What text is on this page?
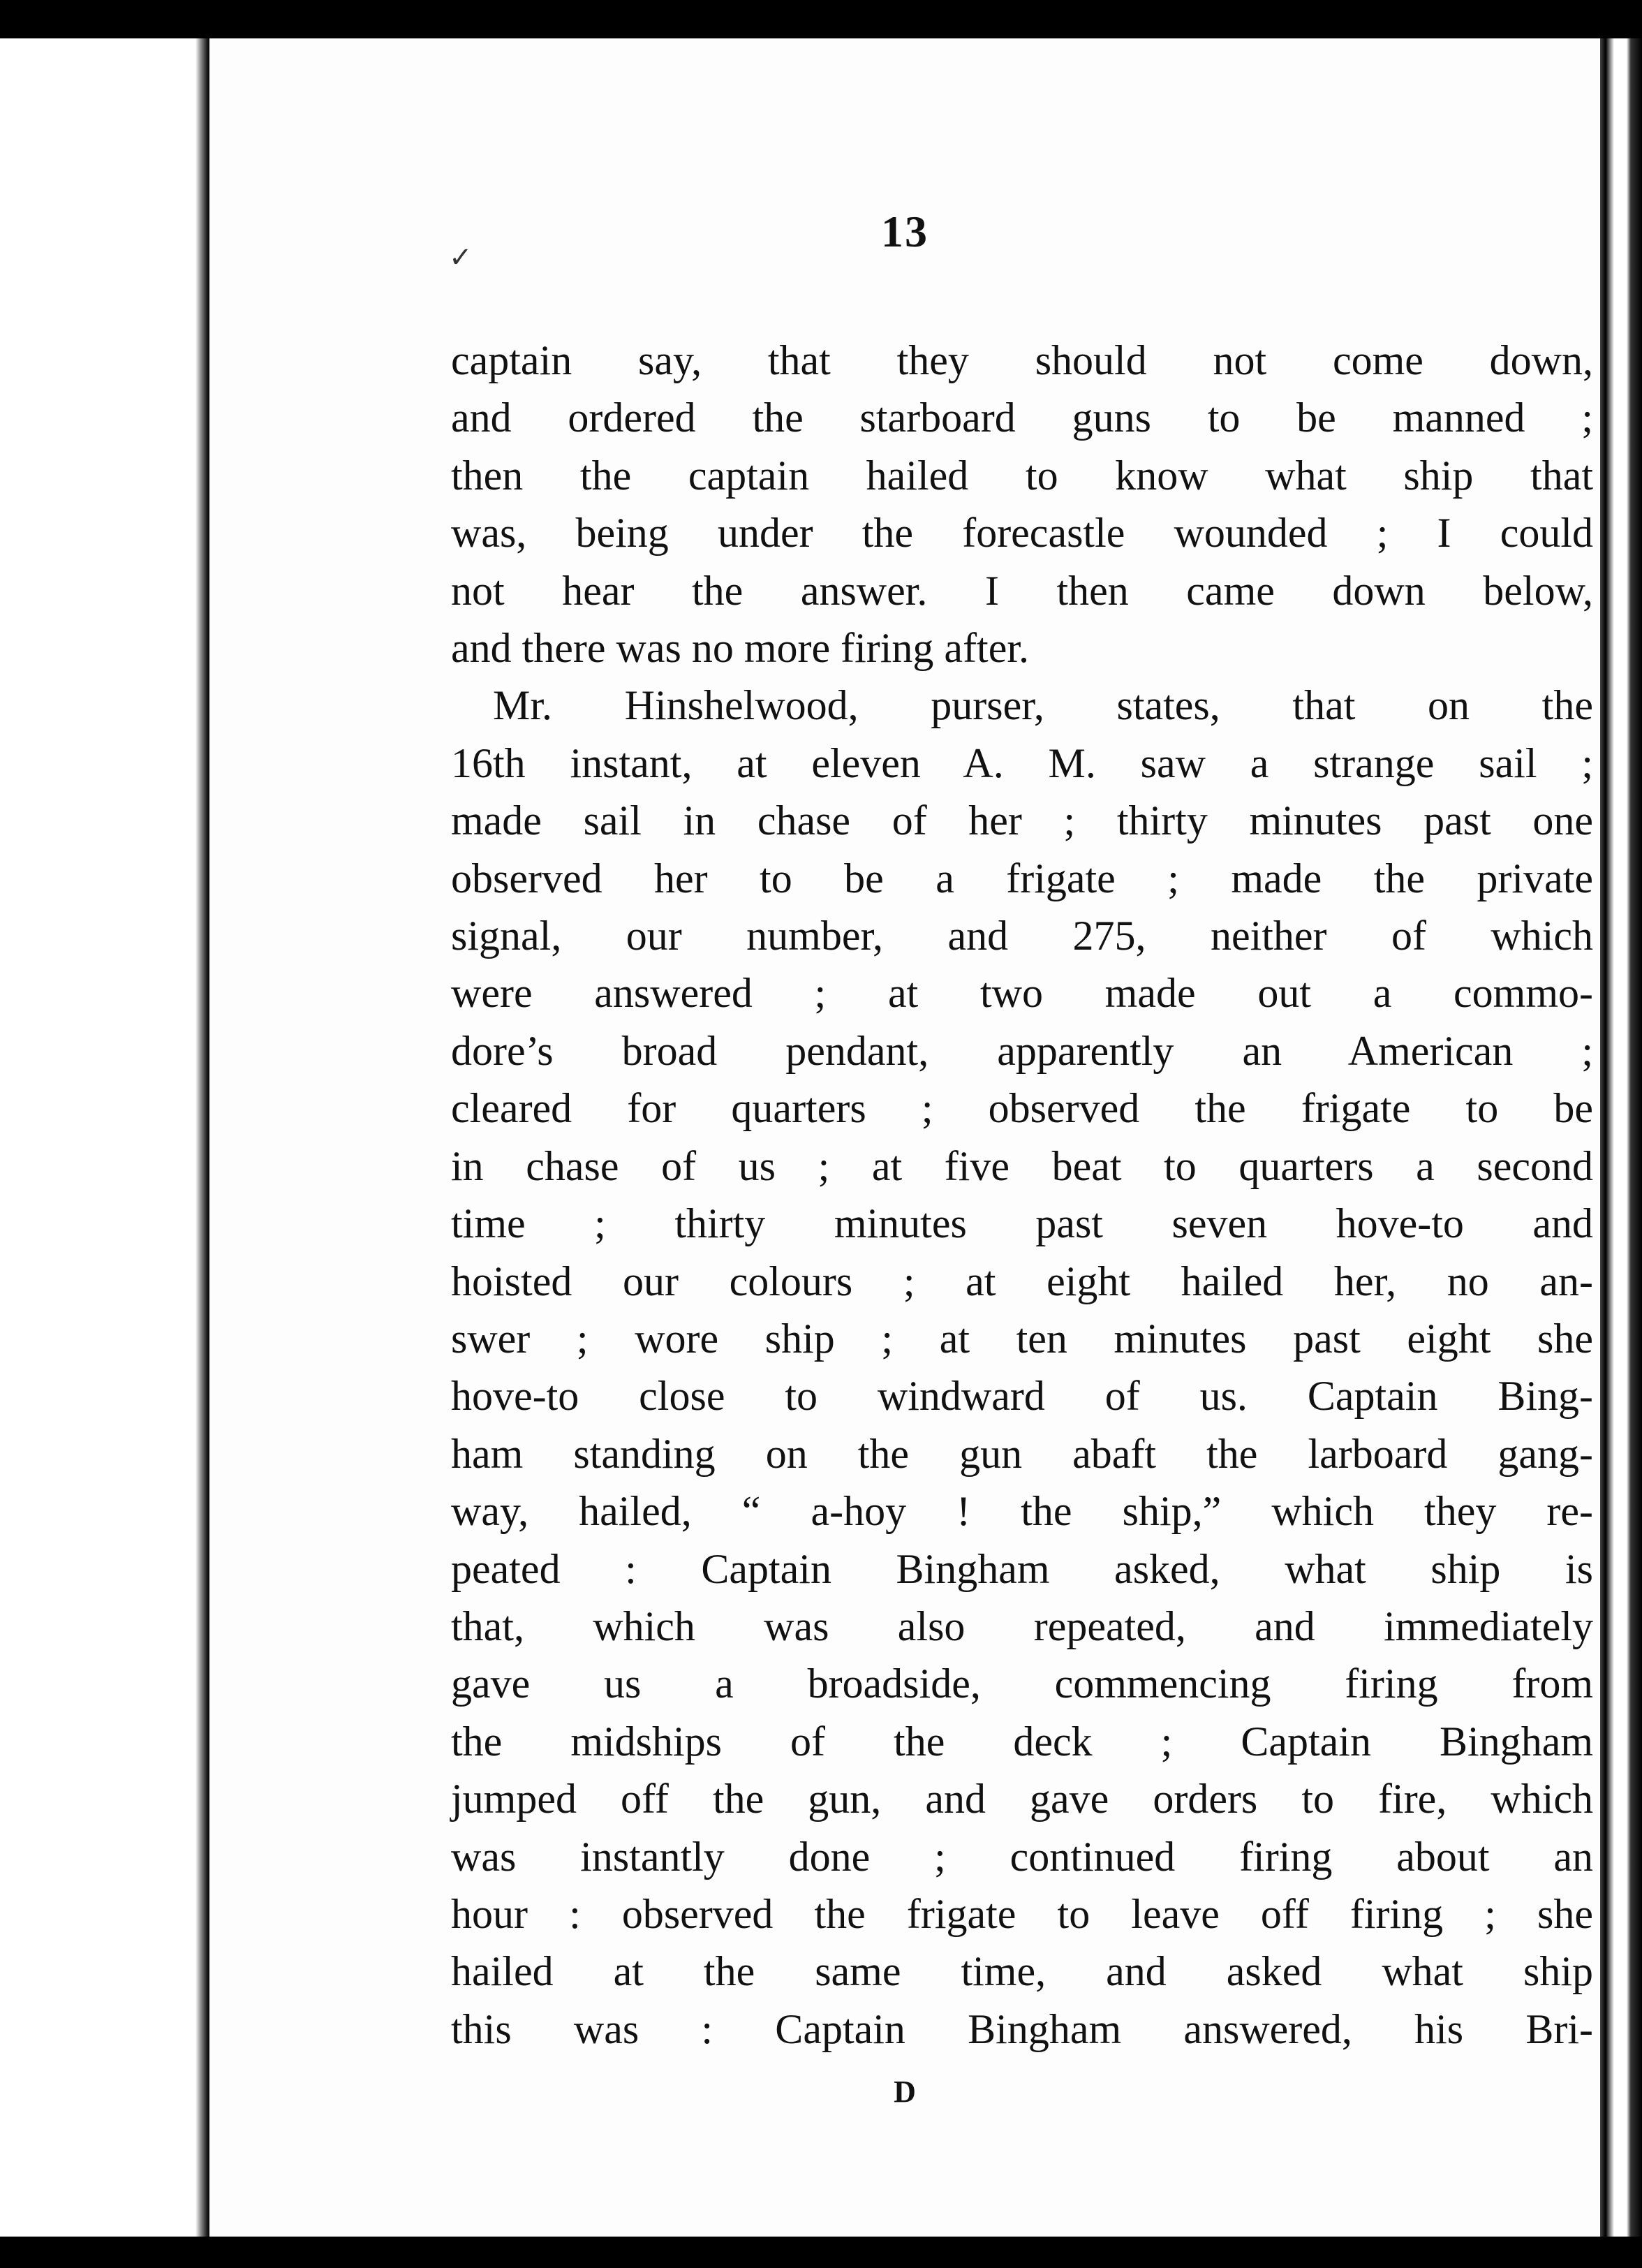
✓
13
captain say, that they should not come down,
and ordered the starboard guns to be manned ;
then the captain hailed to know what ship that
was, being under the forecastle wounded ; I could
not hear the answer. I then came down below,
and there was no more firing after.
Mr. Hinshelwood, purser, states, that on the
16th instant, at eleven A. M. saw a strange sail ;
made sail in chase of her ; thirty minutes past one
observed her to be a frigate ; made the private
signal, our number, and 275, neither of which
were answered ; at two made out a commo-
dore’s broad pendant, apparently an American ;
cleared for quarters ; observed the frigate to be
in chase of us ; at five beat to quarters a second
time ; thirty minutes past seven hove-to and
hoisted our colours ; at eight hailed her, no an-
swer ; wore ship ; at ten minutes past eight she
hove-to close to windward of us. Captain Bing-
ham standing on the gun abaft the larboard gang-
way, hailed, “ a-hoy ! the ship,” which they re-
peated : Captain Bingham asked, what ship is
that, which was also repeated, and immediately
gave us a broadside, commencing firing from
the midships of the deck ; Captain Bingham
jumped off the gun, and gave orders to fire, which
was instantly done ; continued firing about an
hour : observed the frigate to leave off firing ; she
hailed at the same time, and asked what ship
this was : Captain Bingham answered, his Bri-
D
